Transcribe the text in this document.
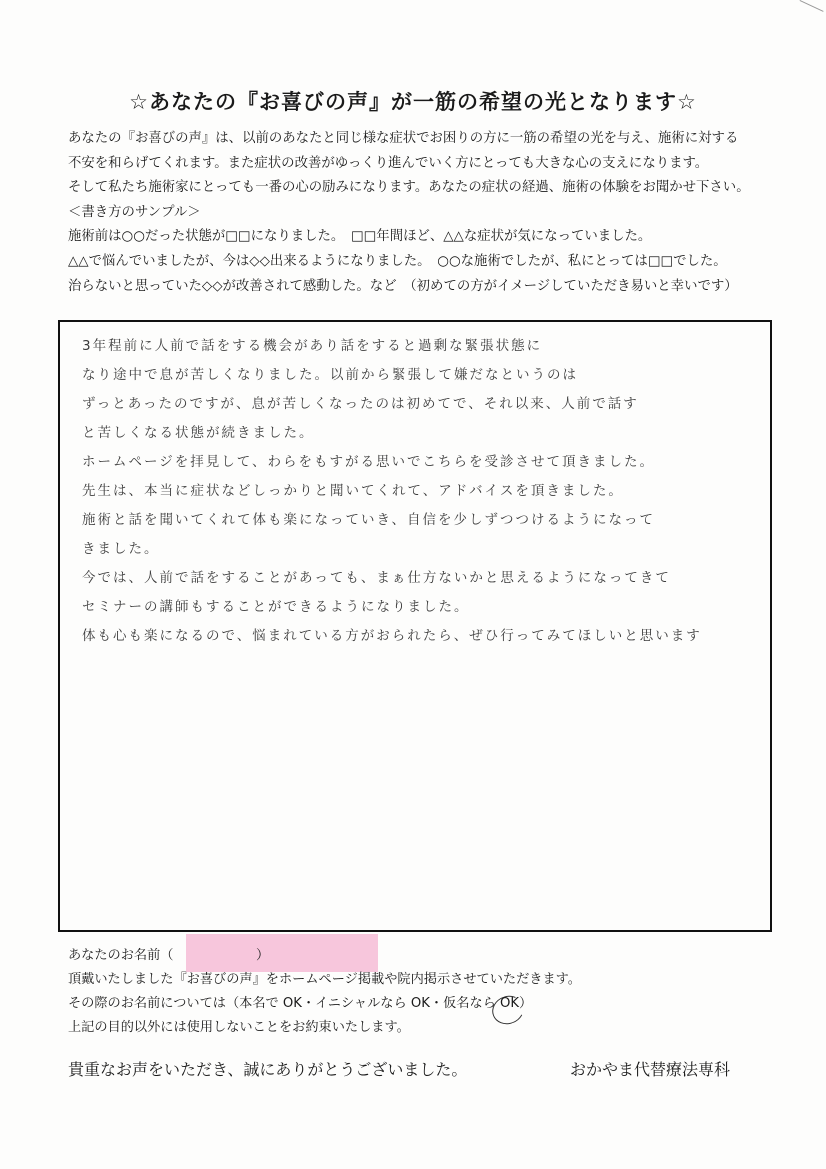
☆あなたの『お喜びの声』が一筋の希望の光となります☆
あなたの『お喜びの声』は、以前のあなたと同じ様な症状でお困りの方に一筋の希望の光を与え、施術に対する
不安を和らげてくれます。また症状の改善がゆっくり進んでいく方にとっても大きな心の支えになります。
そして私たち施術家にとっても一番の心の励みになります。あなたの症状の経過、施術の体験をお聞かせ下さい。
＜書き方のサンプル＞
施術前は○○だった状態が□□になりました。　□□年間ほど、△△な症状が気になっていました。
△△で悩んでいましたが、今は◇◇出来るようになりました。　○○な施術でしたが、私にとっては□□でした。
治らないと思っていた◇◇が改善されて感動した。など　（初めての方がイメージしていただき易いと幸いです）
3年程前に人前で話をする機会があり話をすると過剰な緊張状態に
なり途中で息が苦しくなりました。以前から緊張して嫌だなというのは
ずっとあったのですが、息が苦しくなったのは初めてで、それ以来、人前で話す
と苦しくなる状態が続きました。
ホームページを拝見して、わらをもすがる思いでこちらを受診させて頂きました。
先生は、本当に症状などしっかりと聞いてくれて、アドバイスを頂きました。
施術と話を聞いてくれて体も楽になっていき、自信を少しずつつけるようになって
きました。
今では、人前で話をすることがあっても、まぁ仕方ないかと思えるようになってきて
セミナーの講師もすることができるようになりました。
体も心も楽になるので、悩まれている方がおられたら、ぜひ行ってみてほしいと思います
あなたのお名前（	）
頂戴いたしました『お喜びの声』をホームページ掲載や院内掲示させていただきます。
その際のお名前については（本名で OK・イニシャルなら OK・仮名なら OK）
上記の目的以外には使用しないことをお約束いたします。
貴重なお声をいただき、誠にありがとうございました。	おかやま代替療法専科
